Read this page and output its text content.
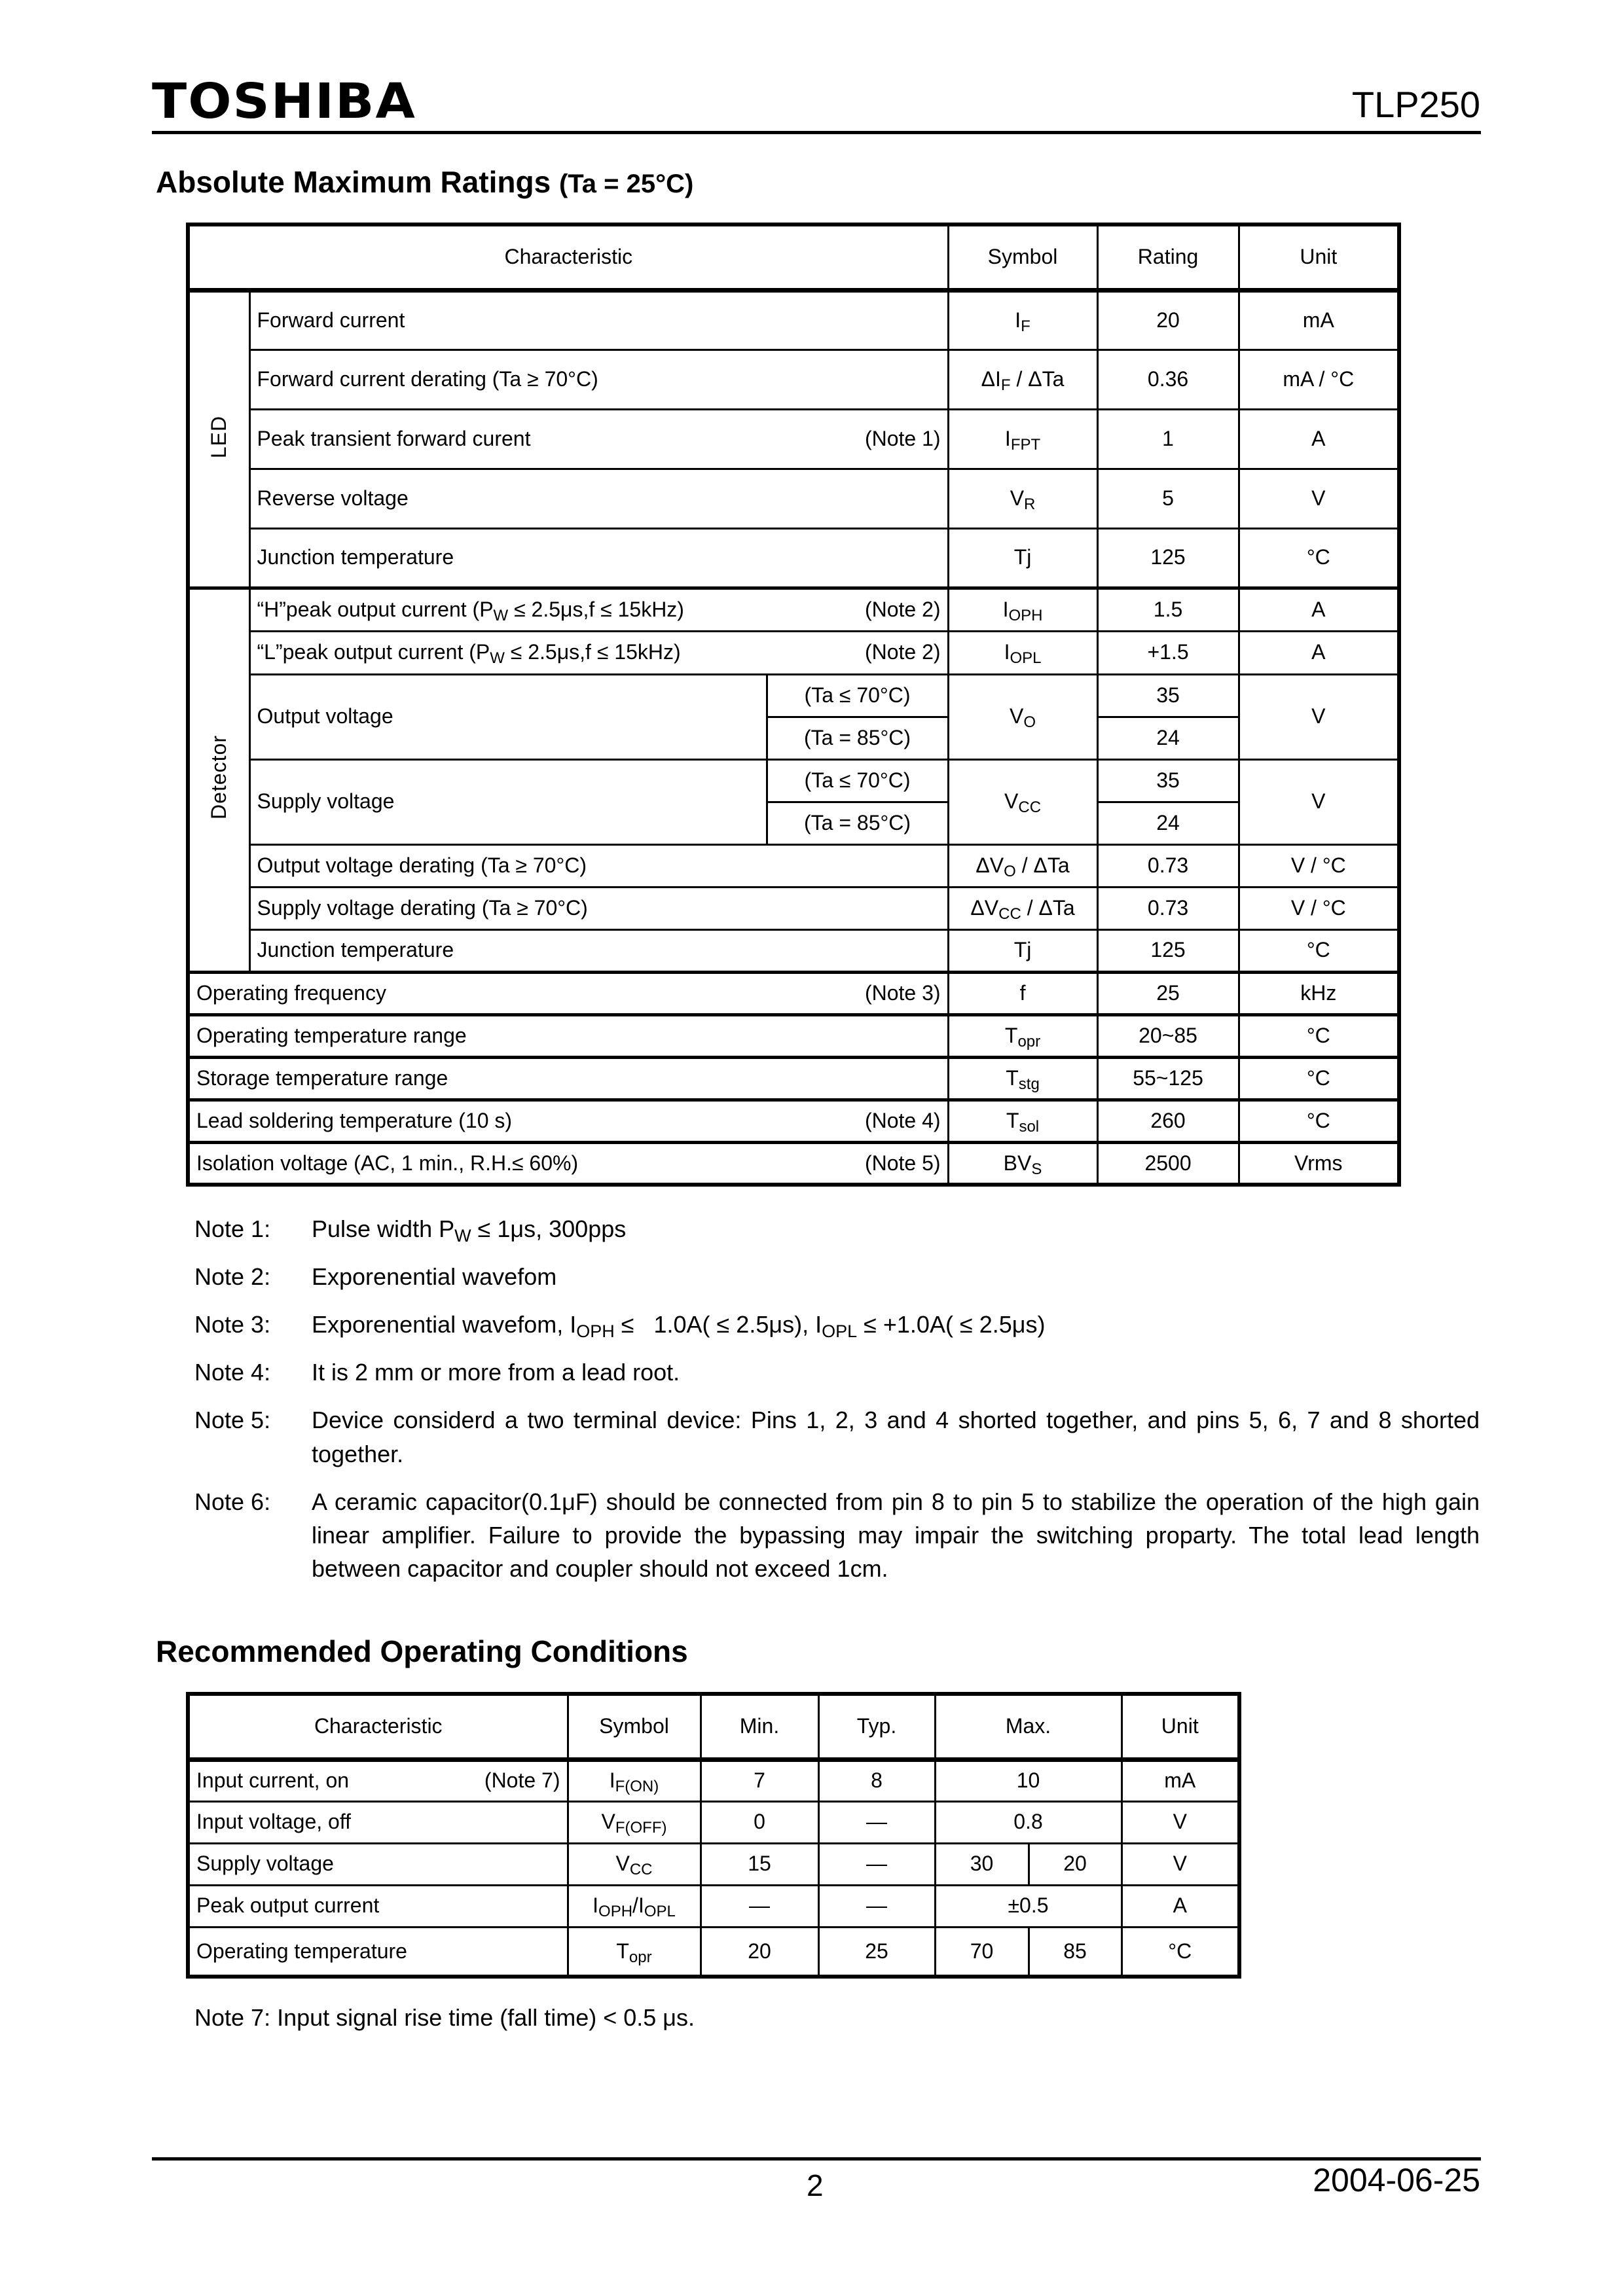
TOSHIBA	TLP250
Absolute Maximum Ratings (Ta = 25°C)
Characteristic			Symbol	Rating	Unit
LED	Forward current		$I_F$	20	mA
	Forward current derating (Ta ≥ 70°C)		$\Delta I_F$ / ΔTa	0.36	mA / °C
	Peak transient forward curent (Note 1)		$I_{FPT}$	1	A
	Reverse voltage		$V_R$	5	V
	Junction temperature		Tj	125	°C
Detector	“H”peak output current $(P_W \le 2.5\mu s,f \le 15kHz)$ (Note 2)		$I_{OPH}$	1.5	A
	“L”peak output current $(P_W \le 2.5\mu s,f \le 15kHz)$ (Note 2)		$I_{OPL}$	+1.5	A
	Output voltage	(Ta ≤ 70°C)	$V_O$	35	V
		(Ta = 85°C)		24	
	Supply voltage	(Ta ≤ 70°C)	$V_{CC}$	35	V
		(Ta = 85°C)		24	
	Output voltage derating (Ta ≥ 70°C)		$\Delta V_O$ / ΔTa	0.73	V / °C
	Supply voltage derating (Ta ≥ 70°C)		$\Delta V_{CC}$ / ΔTa	0.73	V / °C
	Junction temperature		Tj	125	°C
Operating frequency (Note 3)			f	25	kHz
Operating temperature range			$T_{opr}$	20~85	°C
Storage temperature range			$T_{stg}$	55~125	°C
Lead soldering temperature (10 s) (Note 4)			$T_{sol}$	260	°C
Isolation voltage (AC, 1 min., R.H.≤ 60%) (Note 5)			$BV_S$	2500	Vrms
Note 1:	Pulse width $P_W \le 1\mu s$, 300pps
Note 2:	Exporenential wavefom
Note 3:	Exporenential wavefom, $I_{OPH} \le 1.0A( \le 2.5\mu s)$, $I_{OPL} \le +1.0A( \le 2.5\mu s)$
Note 4:	It is 2 mm or more from a lead root.
Note 5:	Device considerd a two terminal device: Pins 1, 2, 3 and 4 shorted together, and pins 5, 6, 7 and 8 shorted together.
Note 6:	A ceramic capacitor(0.1μF) should be connected from pin 8 to pin 5 to stabilize the operation of the high gain linear amplifier. Failure to provide the bypassing may impair the switching proparty. The total lead length between capacitor and coupler should not exceed 1cm.
Recommended Operating Conditions
Characteristic	Symbol	Min.	Typ.	Max.		Unit
Input current, on (Note 7)	$I_{F(ON)}$	7	8	10		mA
Input voltage, off	$V_{F(OFF)}$	0	—	0.8		V
Supply voltage	$V_{CC}$	15	—	30	20	V
Peak output current	$I_{OPH}/I_{OPL}$	—	—	±0.5		A
Operating temperature	$T_{opr}$	20	25	70	85	°C
Note 7: Input signal rise time (fall time) < 0.5 μs.
2	2004-06-25
